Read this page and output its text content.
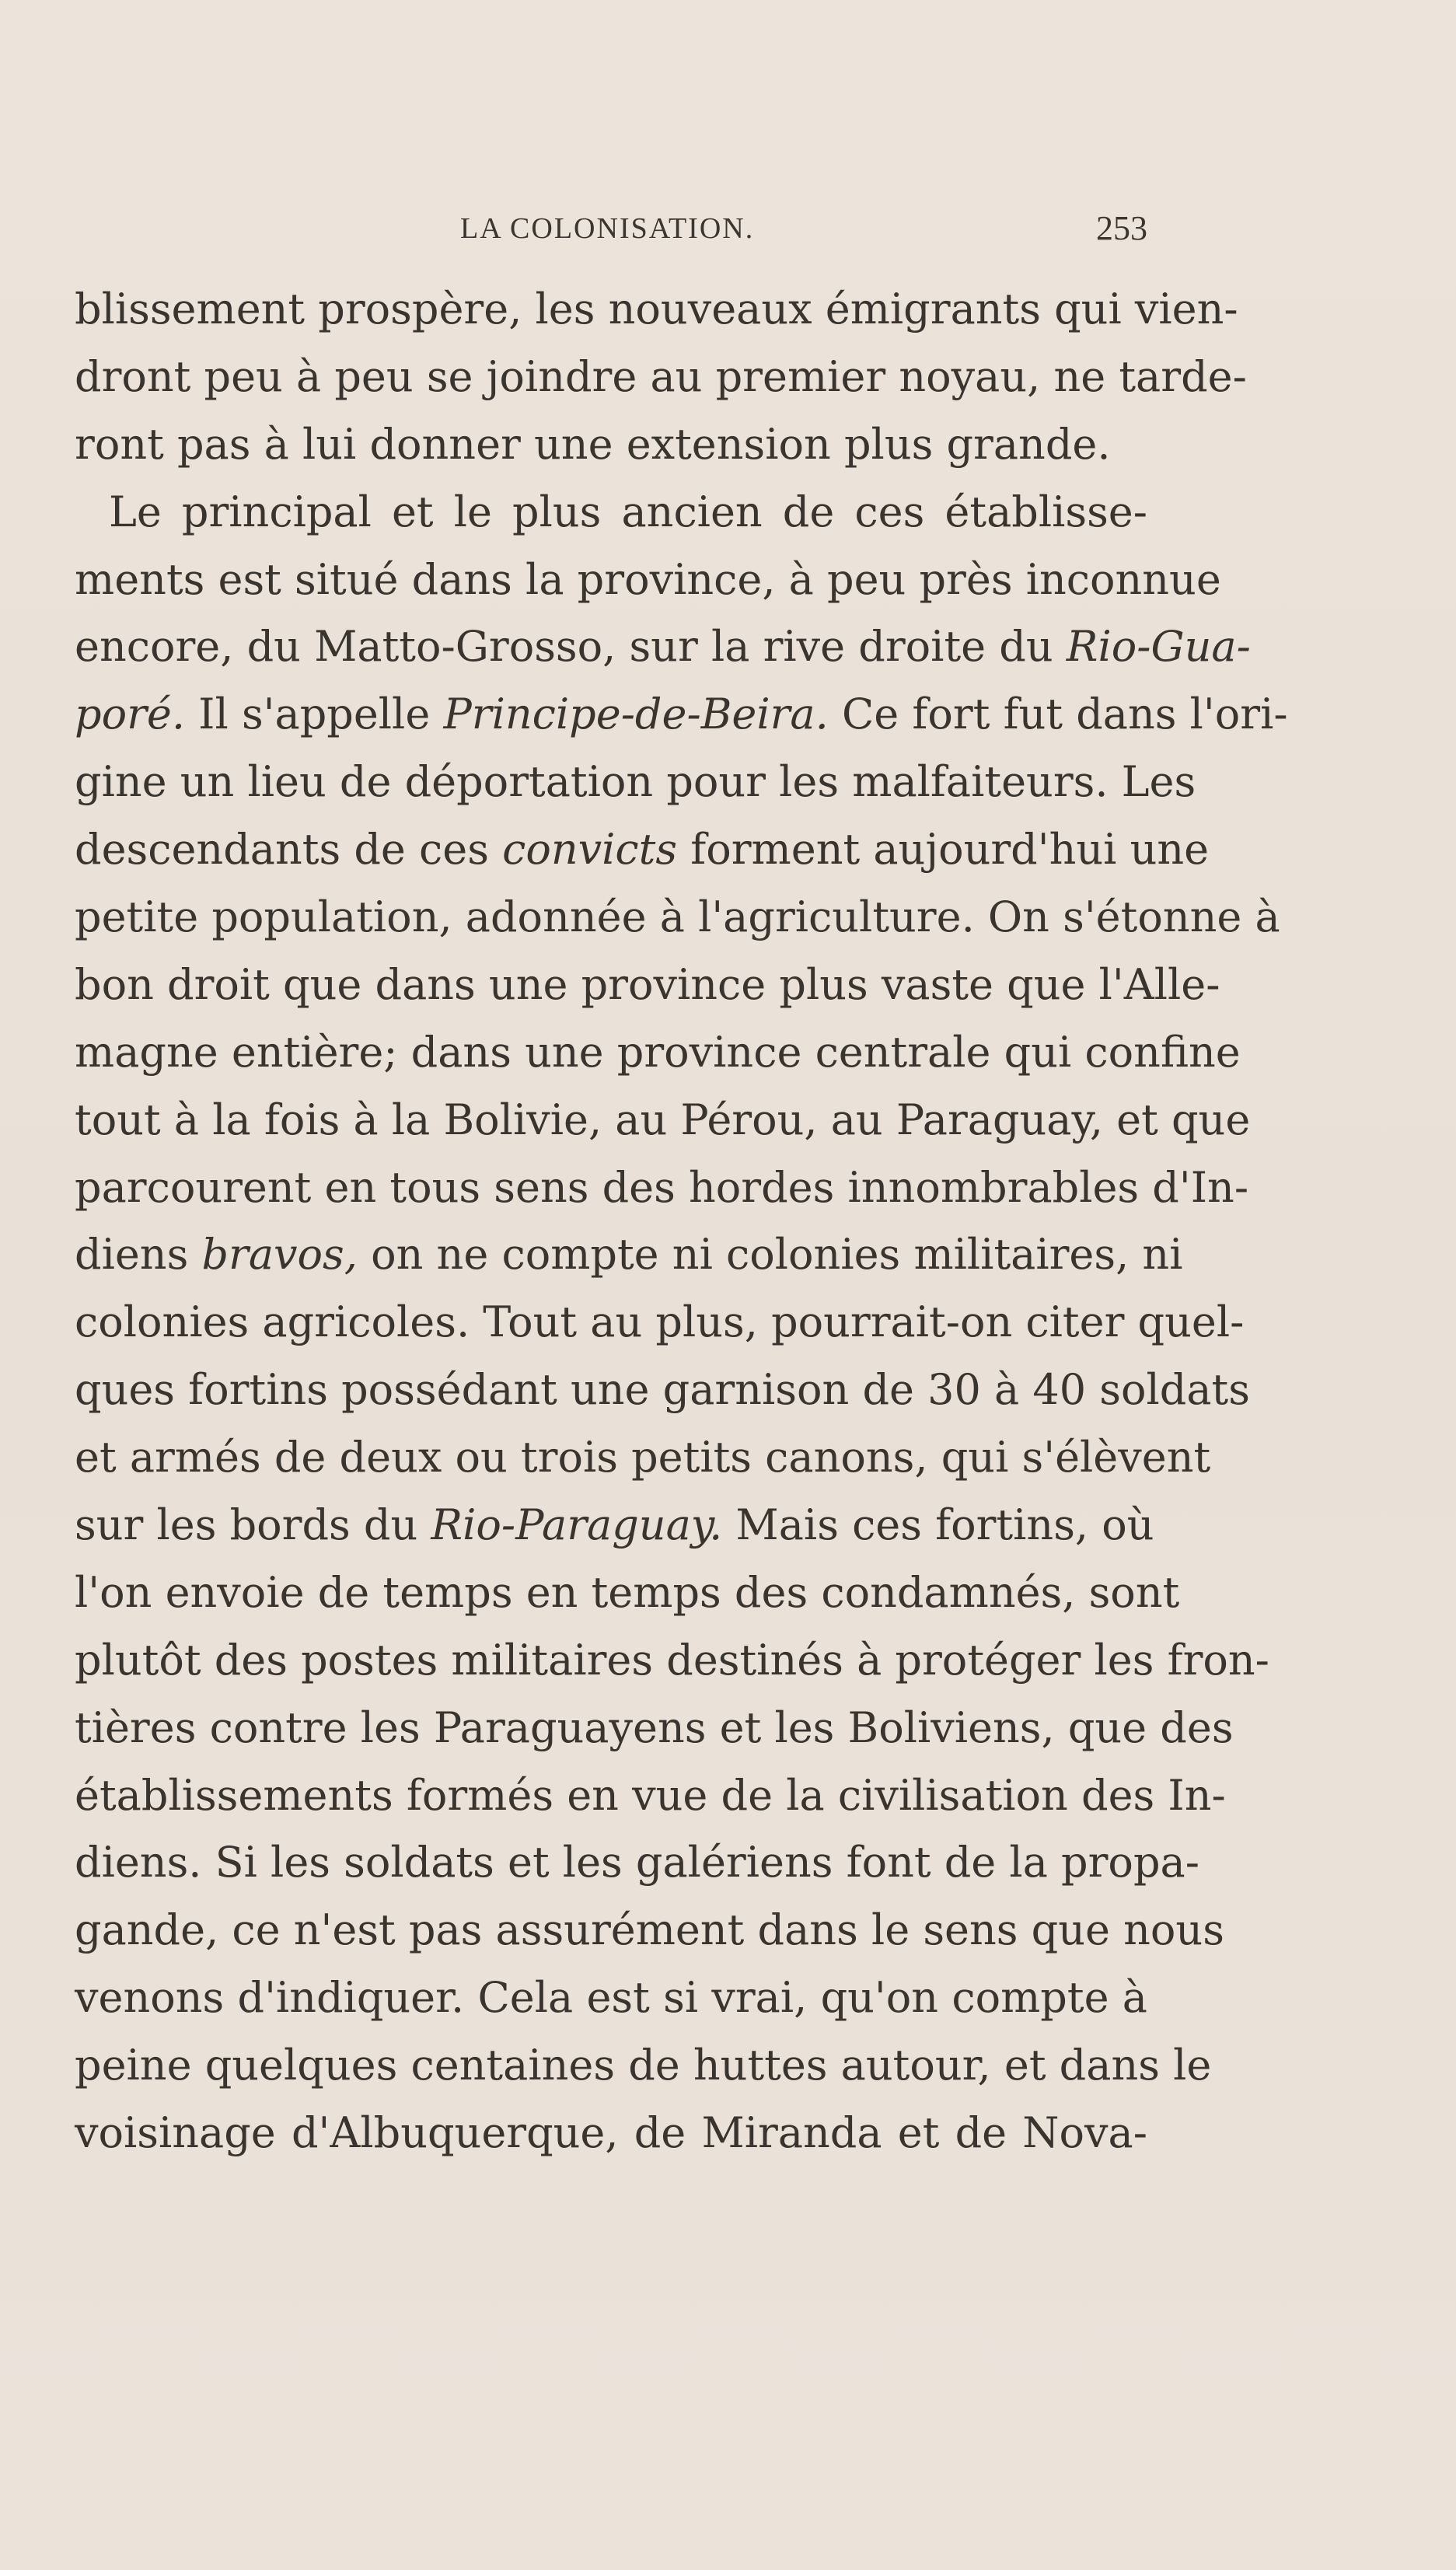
LA COLONISATION.	253
blissement prospère, les nouveaux émigrants qui vien-
dront peu à peu se joindre au premier noyau, ne tarde-
ront pas à lui donner une extension plus grande.
Le principal et le plus ancien de ces établisse-
ments est situé dans la province, à peu près inconnue
encore, du Matto-Grosso, sur la rive droite du Rio-Gua-
poré. Il s'appelle Principe-de-Beira. Ce fort fut dans l'ori-
gine un lieu de déportation pour les malfaiteurs. Les
descendants de ces convicts forment aujourd'hui une
petite population, adonnée à l'agriculture. On s'étonne à
bon droit que dans une province plus vaste que l'Alle-
magne entière; dans une province centrale qui confine
tout à la fois à la Bolivie, au Pérou, au Paraguay, et que
parcourent en tous sens des hordes innombrables d'In-
diens bravos, on ne compte ni colonies militaires, ni
colonies agricoles. Tout au plus, pourrait-on citer quel-
ques fortins possédant une garnison de 30 à 40 soldats
et armés de deux ou trois petits canons, qui s'élèvent
sur les bords du Rio-Paraguay. Mais ces fortins, où
l'on envoie de temps en temps des condamnés, sont
plutôt des postes militaires destinés à protéger les fron-
tières contre les Paraguayens et les Boliviens, que des
établissements formés en vue de la civilisation des In-
diens. Si les soldats et les galériens font de la propa-
gande, ce n'est pas assurément dans le sens que nous
venons d'indiquer. Cela est si vrai, qu'on compte à
peine quelques centaines de huttes autour, et dans le
voisinage d'Albuquerque, de Miranda et de Nova-
